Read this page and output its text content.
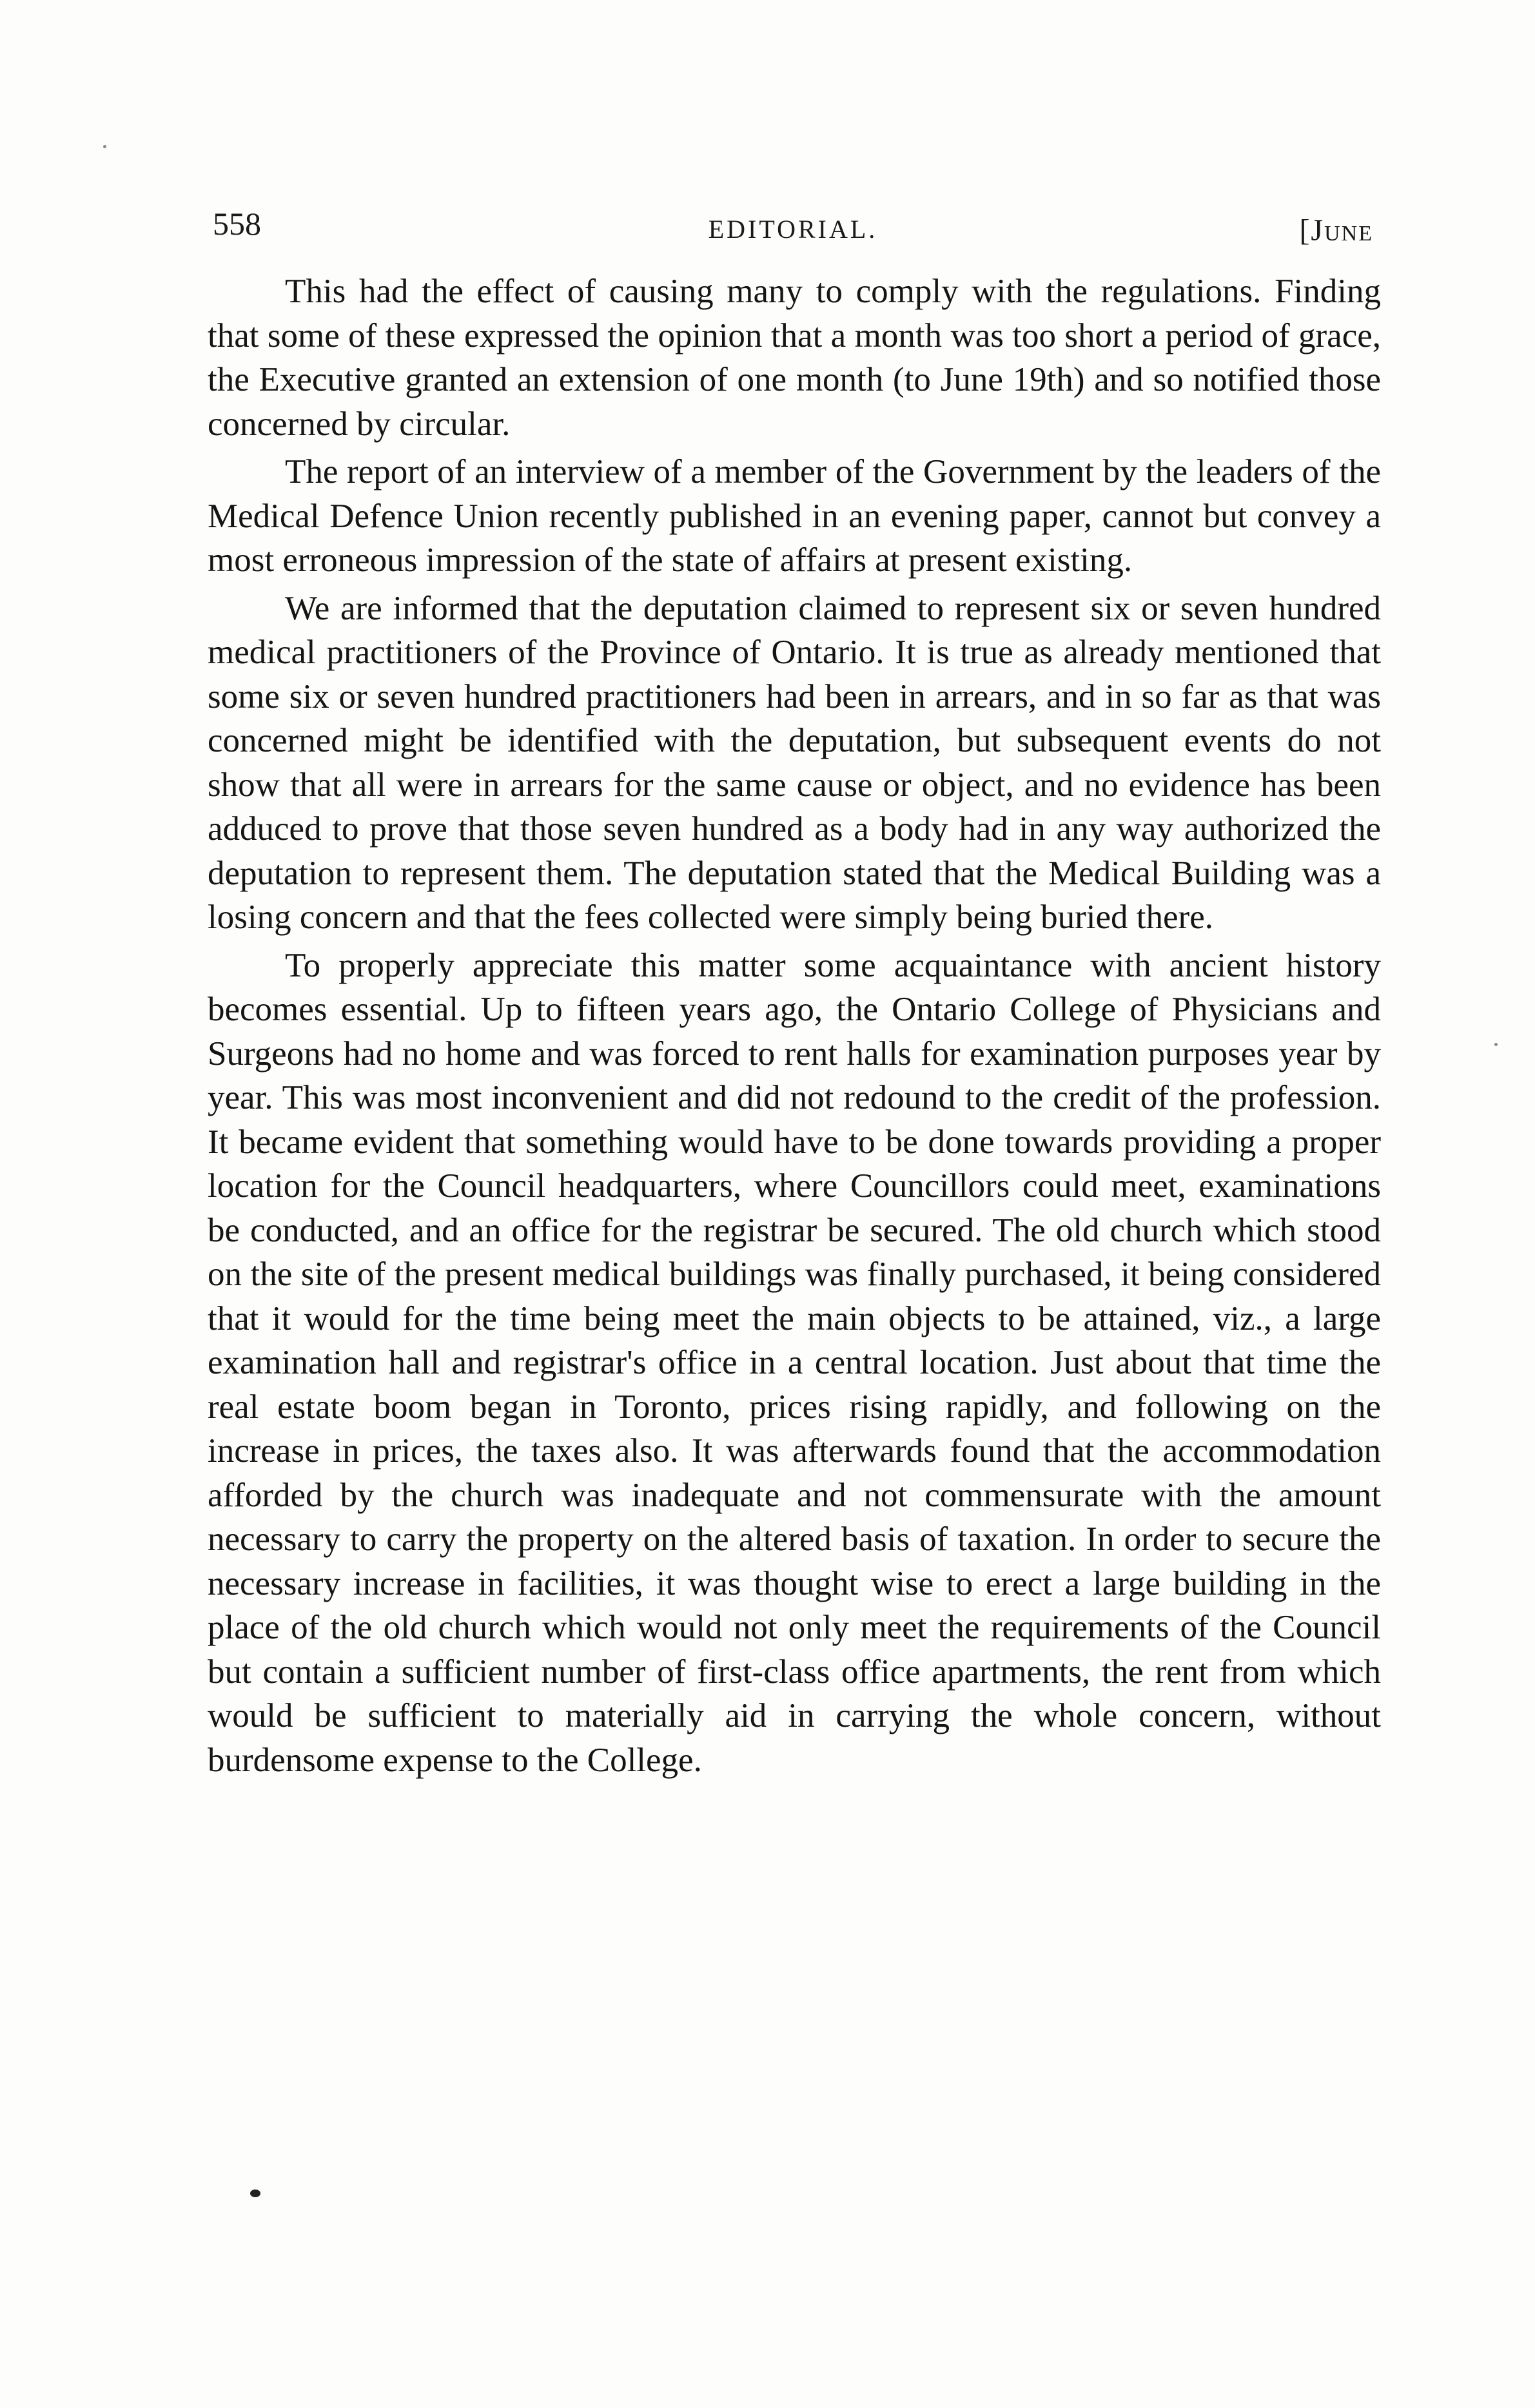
558	EDITORIAL.	[June

This had the effect of causing many to comply with the regulations. Finding that some of these expressed the opinion that a month was too short a period of grace, the Executive granted an extension of one month (to June 19th) and so notified those concerned by circular.

The report of an interview of a member of the Government by the leaders of the Medical Defence Union recently published in an evening paper, cannot but convey a most erroneous impression of the state of affairs at present existing.

We are informed that the deputation claimed to represent six or seven hundred medical practitioners of the Province of Ontario. It is true as already mentioned that some six or seven hundred practitioners had been in arrears, and in so far as that was concerned might be identified with the deputation, but subsequent events do not show that all were in arrears for the same cause or object, and no evidence has been adduced to prove that those seven hundred as a body had in any way authorized the deputation to represent them. The deputation stated that the Medical Building was a losing concern and that the fees collected were simply being buried there.

To properly appreciate this matter some acquaintance with ancient history becomes essential. Up to fifteen years ago, the Ontario College of Physicians and Surgeons had no home and was forced to rent halls for examination purposes year by year. This was most inconvenient and did not redound to the credit of the profession. It became evident that something would have to be done towards providing a proper location for the Council headquarters, where Councillors could meet, examinations be conducted, and an office for the registrar be secured. The old church which stood on the site of the present medical buildings was finally purchased, it being considered that it would for the time being meet the main objects to be attained, viz., a large examination hall and registrar's office in a central location. Just about that time the real estate boom began in Toronto, prices rising rapidly, and following on the increase in prices, the taxes also. It was afterwards found that the accommodation afforded by the church was inadequate and not commensurate with the amount necessary to carry the property on the altered basis of taxation. In order to secure the necessary increase in facilities, it was thought wise to erect a large building in the place of the old church which would not only meet the requirements of the Council but contain a sufficient number of first-class office apartments, the rent from which would be sufficient to materially aid in carrying the whole concern, without burdensome expense to the College.
